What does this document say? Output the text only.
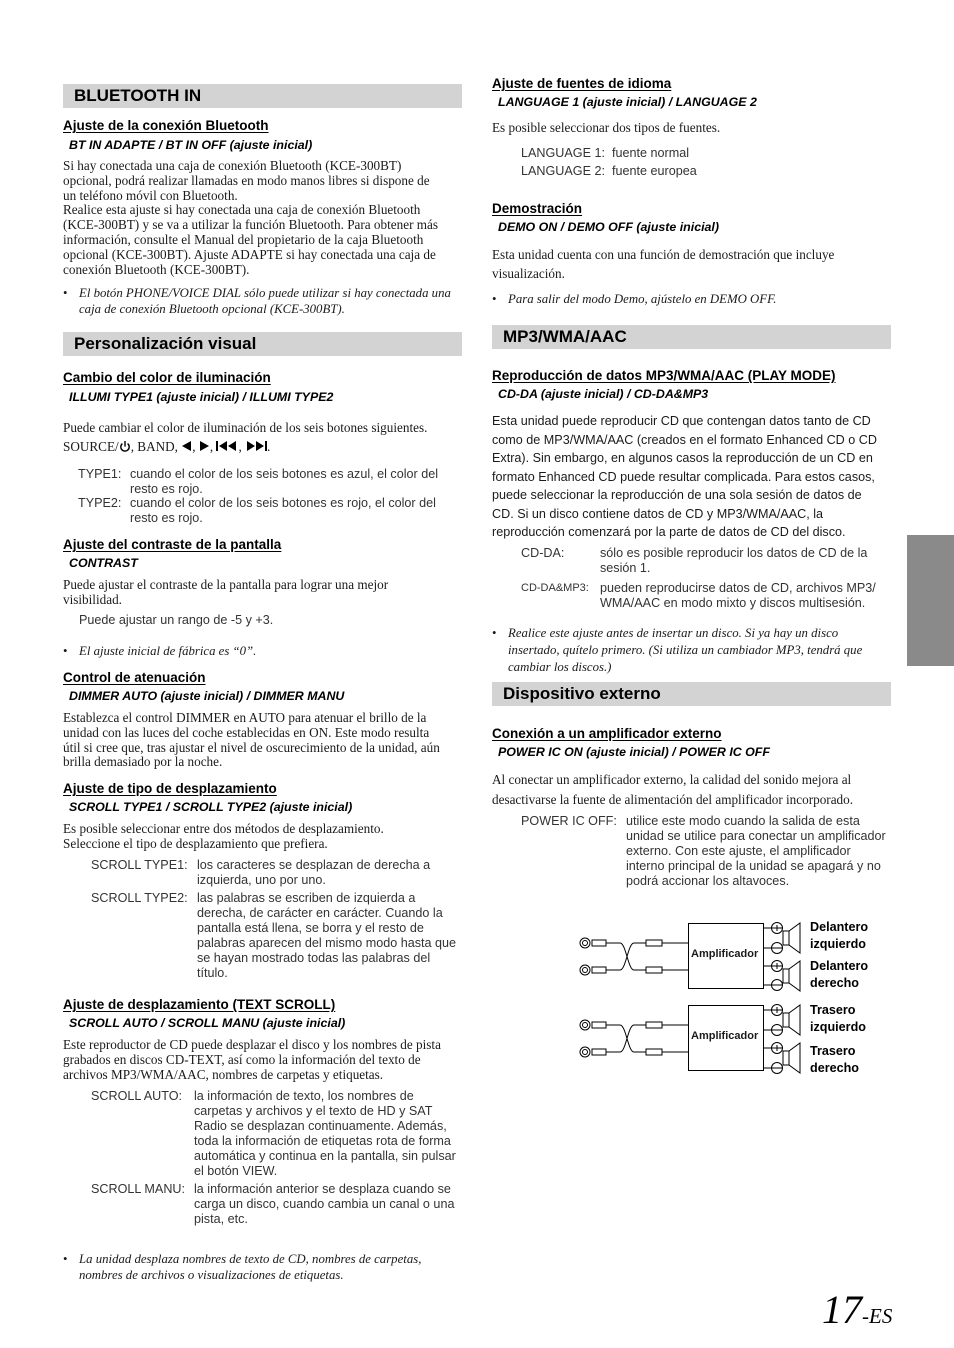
BLUETOOTH IN
Ajuste de la conexión Bluetooth
BT IN ADAPTE / BT IN OFF (ajuste inicial)

Si hay conectada una caja de conexión Bluetooth (KCE-300BT)

opcional, podrá realizar llamadas en modo manos libres si dispone de

un teléfono móvil con Bluetooth.

Realice esta ajuste si hay conectada una caja de conexión Bluetooth

(KCE-300BT) y se va a utilizar la función Bluetooth. Para obtener más

información, consulte el Manual del propietario de la caja Bluetooth

opcional (KCE-300BT). Ajuste ADAPTE si hay conectada una caja de

conexión Bluetooth (KCE-300BT).

• El botón PHONE/VOICE DIAL sólo puede utilizar si hay conectada una caja de conexión Bluetooth opcional (KCE-300BT).
Personalización visual
Cambio del color de iluminación
ILLUMI TYPE1 (ajuste inicial) / ILLUMI TYPE2

Puede cambiar el color de iluminación de los seis botones siguientes.

SOURCE/ , BAND, , , , .

TYPE1: cuando el color de los seis botones es azul, el color del resto es rojo.
TYPE2: cuando el color de los seis botones es rojo, el color del resto es rojo.
Ajuste del contraste de la pantalla
CONTRAST

Puede ajustar el contraste de la pantalla para lograr una mejor

visibilidad.

Puede ajustar un rango de -5 y +3.
• El ajuste inicial de fábrica es “0”.
Control de atenuación
DIMMER AUTO (ajuste inicial) / DIMMER MANU

Establezca el control DIMMER en AUTO para atenuar el brillo de la

unidad con las luces del coche establecidas en ON. Este modo resulta

útil si cree que, tras ajustar el nivel de oscurecimiento de la unidad, aún

brilla demasiado por la noche.

Ajuste de tipo de desplazamiento
SCROLL TYPE1 / SCROLL TYPE2 (ajuste inicial)

Es posible seleccionar entre dos métodos de desplazamiento.

Seleccione el tipo de desplazamiento que prefiera.

SCROLL TYPE1: los caracteres se desplazan de derecha a izquierda, uno por uno.
SCROLL TYPE2: las palabras se escriben de izquierda a derecha, de carácter en carácter. Cuando la pantalla está llena, se borra y el resto de palabras aparecen del mismo modo hasta que se hayan mostrado todas las palabras del título.
Ajuste de desplazamiento (TEXT SCROLL)
SCROLL AUTO / SCROLL MANU (ajuste inicial)

Este reproductor de CD puede desplazar el disco y los nombres de pista

grabados en discos CD-TEXT, así como la información del texto de

archivos MP3/WMA/AAC, nombres de carpetas y etiquetas.

SCROLL AUTO: la información de texto, los nombres de carpetas y archivos y el texto de HD y SAT Radio se desplazan continuamente. Además, toda la información de etiquetas rota de forma automática y continua en la pantalla, sin pulsar el botón VIEW.
SCROLL MANU: la información anterior se desplaza cuando se carga un disco, cuando cambia un canal o una pista, etc.
• La unidad desplaza nombres de texto de CD, nombres de carpetas, nombres de archivos o visualizaciones de etiquetas.
Ajuste de fuentes de idioma
LANGUAGE 1 (ajuste inicial) / LANGUAGE 2
Es posible seleccionar dos tipos de fuentes.
LANGUAGE 1: fuente normal
LANGUAGE 2: fuente europea
Demostración
DEMO ON / DEMO OFF (ajuste inicial)

Esta unidad cuenta con una función de demostración que incluye

visualización.

• Para salir del modo Demo, ajústelo en DEMO OFF.
MP3/WMA/AAC
Reproducción de datos MP3/WMA/AAC (PLAY MODE)
CD-DA (ajuste inicial) / CD-DA&MP3
Esta unidad puede reproducir CD que contengan datos tanto de CD
como de MP3/WMA/AAC (creados en el formato Enhanced CD o CD
Extra). Sin embargo, en algunos casos la reproducción de un CD en
formato Enhanced CD puede resultar complicada. Para estos casos,
puede seleccionar la reproducción de una sola sesión de datos de
CD. Si un disco contiene datos de CD y MP3/WMA/AAC, la
reproducción comenzará por la parte de datos de CD del disco.
CD-DA:	sólo es posible reproducir los datos de CD de la sesión 1.
CD-DA&MP3: pueden reproducirse datos de CD, archivos MP3/ WMA/AAC en modo mixto y discos multisesión.
• Realice este ajuste antes de insertar un disco. Si ya hay un disco insertado, quítelo primero. (Si utiliza un cambiador MP3, tendrá que cambiar los discos.)
Dispositivo externo
Conexión a un amplificador externo
POWER IC ON (ajuste inicial) / POWER IC OFF

Al conectar un amplificador externo, la calidad del sonido mejora al

desactivarse la fuente de alimentación del amplificador incorporado.

POWER IC OFF: utilice este modo cuando la salida de esta unidad se utilice para conectar un amplificador externo. Con este ajuste, el amplificador interno principal de la unidad se apagará y no podrá accionar los altavoces.
Amplificador
Amplificador
Delantero izquierdo
Delantero derecho
Trasero izquierdo
Trasero derecho
17-ES
